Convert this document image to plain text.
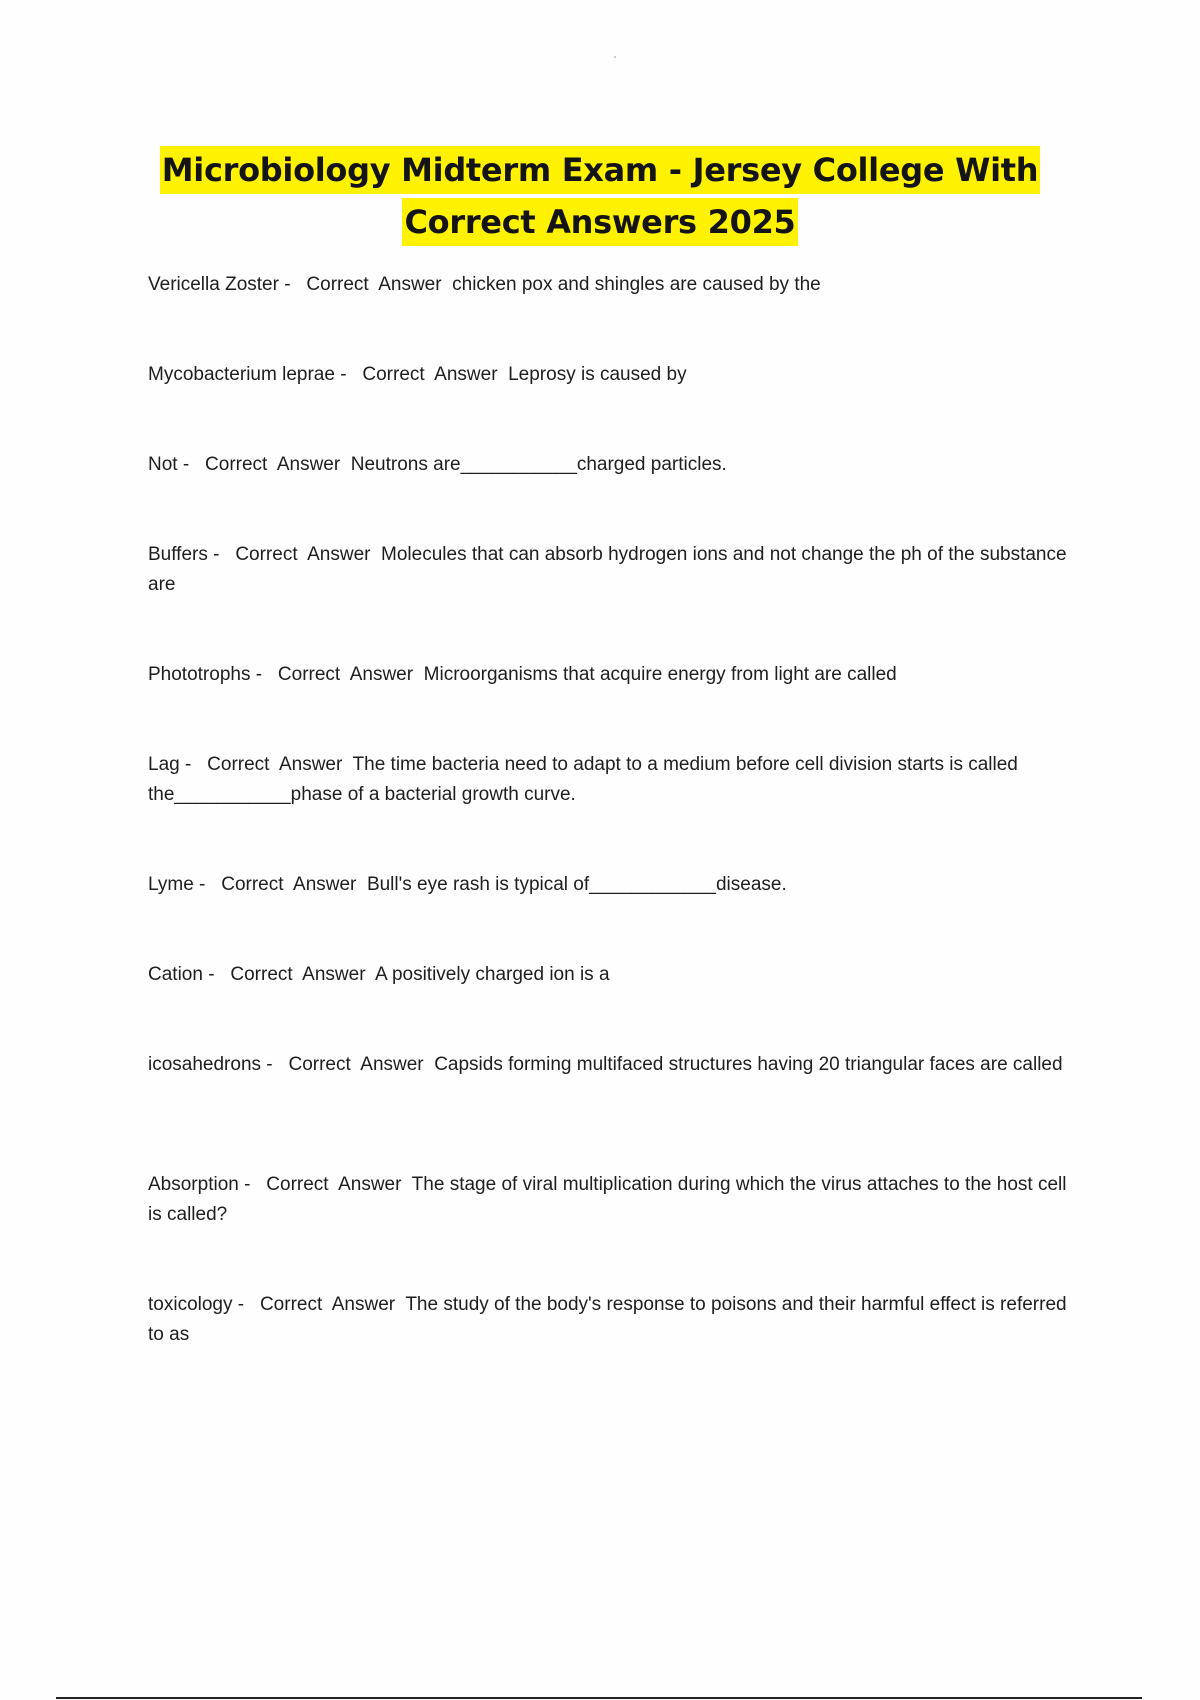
Microbiology Midterm Exam - Jersey College With
Correct Answers 2025
Vericella Zoster -   Correct  Answer chicken pox and shingles are caused by the
Mycobacterium leprae -   Correct  Answer Leprosy is caused by
Not -   Correct  Answer Neutrons are___________charged particles.
Buffers -   Correct  Answer Molecules that can absorb hydrogen ions and not change the ph of the substance are
Phototrophs -   Correct  Answer Microorganisms that acquire energy from light are called
Lag -   Correct  Answer The time bacteria need to adapt to a medium before cell division starts is called the___________phase of a bacterial growth curve.
Lyme -   Correct  Answer Bull's eye rash is typical of____________disease.
Cation -   Correct  Answer A positively charged ion is a
icosahedrons -   Correct  Answer Capsids forming multifaced structures having 20 triangular faces are called
Absorption -   Correct  Answer The stage of viral multiplication during which the virus attaches to the host cell is called?
toxicology -   Correct  Answer The study of the body's response to poisons and their harmful effect is referred to as
